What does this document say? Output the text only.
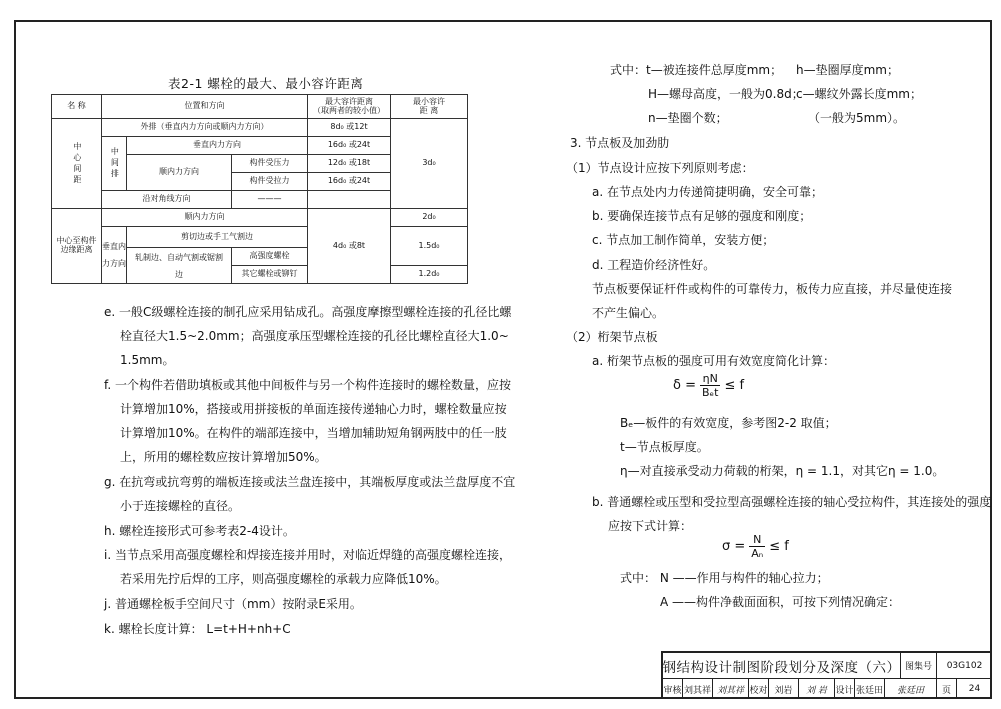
表2-1 螺栓的最大、最小容许距离
名 称	位置和方向			最大容许距离
（取两者的较小值）	最小容许
距 离
中心间距	外排（垂直内力方向或顺内力方向）			8d₀ 或12t	3d₀
	中间排	垂直内力方向		16d₀ 或24t	
		顺内力方向	构件受压力	12d₀ 或18t	
			构件受拉力	16d₀ 或24t	
	沿对角线方向		———		
中心至构件边缘距离	顺内力方向			4d₀ 或8t	2d₀
	垂直内力方向	剪切边或手工气割边			1.5d₀
		轧制边、自动气割或锯割边	高强度螺栓		
			其它螺栓或铆钉		1.2d₀
e. 一般C级螺栓连接的制孔应采用钻成孔。高强度摩擦型螺栓连接的孔径比螺
栓直径大1.5~2.0mm；高强度承压型螺栓连接的孔径比螺栓直径大1.0~
1.5mm。
f. 一个构件若借助填板或其他中间板件与另一个构件连接时的螺栓数量，应按
计算增加10%，搭接或用拼接板的单面连接传递轴心力时，螺栓数量应按
计算增加10%。在构件的端部连接中，当增加辅助短角钢两肢中的任一肢
上，所用的螺栓数应按计算增加50%。
g. 在抗弯或抗弯剪的端板连接或法兰盘连接中，其端板厚度或法兰盘厚度不宜
小于连接螺栓的直径。
h. 螺栓连接形式可参考表2-4设计。
i. 当节点采用高强度螺栓和焊接连接并用时，对临近焊缝的高强度螺栓连接，
若采用先拧后焊的工序，则高强度螺栓的承载力应降低10%。
j. 普通螺栓板手空间尺寸（mm）按附录E采用。
k. 螺栓长度计算： L=t+H+nh+C
式中：t—被连接件总厚度mm； h—垫圈厚度mm；
H—螺母高度，一般为0.8d；
c—螺纹外露长度mm；
n—垫圈个数；	（一般为5mm）。
3. 节点板及加劲肋
（1）节点设计应按下列原则考虑：
a. 在节点处内力传递简捷明确，安全可靠；
b. 要确保连接节点有足够的强度和刚度；
c. 节点加工制作简单，安装方便；
d. 工程造价经济性好。
节点板要保证杆件或构件的可靠传力，板传力应直接，并尽量使连接
不产生偏心。
（2）桁架节点板
a. 桁架节点板的强度可用有效宽度简化计算：
$\delta = \frac{\eta N}{\text{Bₑt}} \le f$
Bₑ—板件的有效宽度，参考图2-2 取值；
t—节点板厚度。
η—对直接承受动力荷载的桁架，η = 1.1，对其它η = 1.0。
b. 普通螺栓或压型和受拉型高强螺栓连接的轴心受拉构件，其连接处的强度
应按下式计算：
$\sigma = \frac{N}{\text{Aₙ}} \le f$
式中： N ——作用与构件的轴心拉力；
A ——构件净截面面积，可按下列情况确定：
钢结构设计制图阶段划分及深度（六） 图集号	03G102
审核 刘其祥 刘其祥 校对 刘岩	刘 岩 设计 张廷田	张廷田	页	24
